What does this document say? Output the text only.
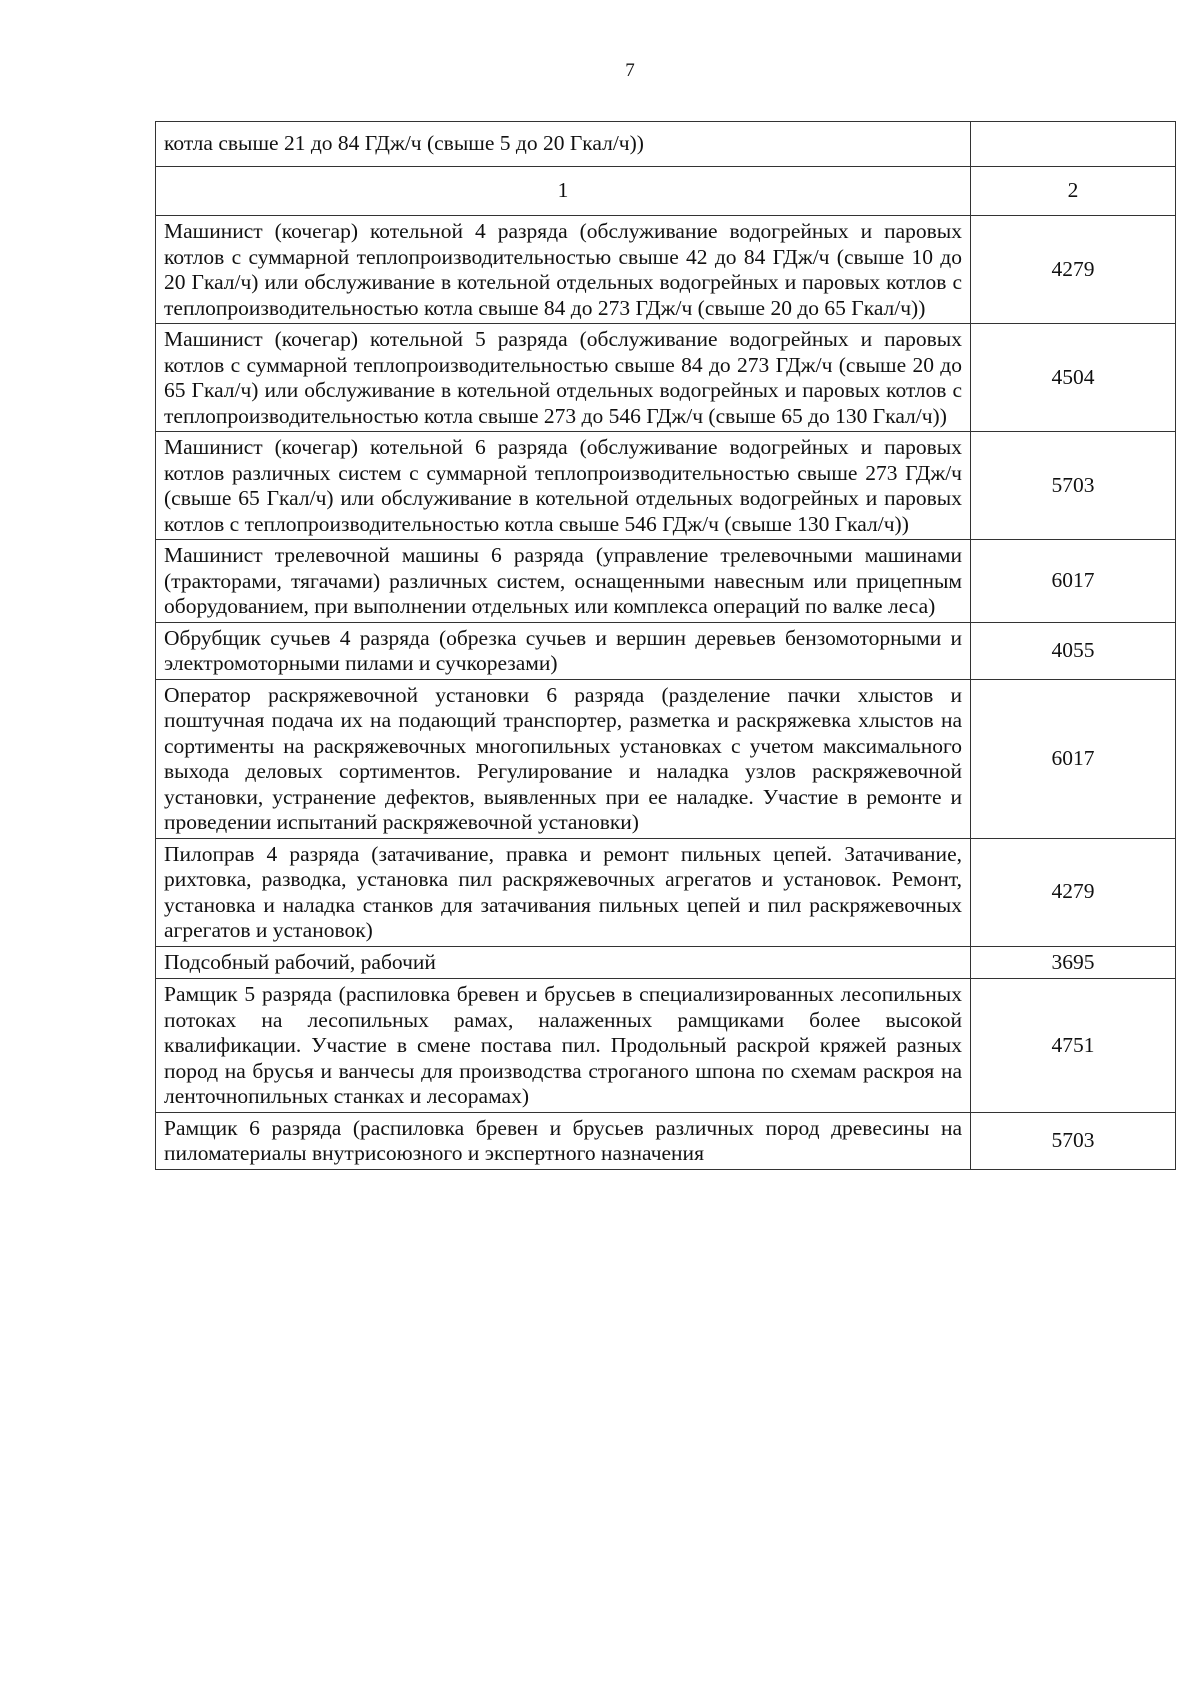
7
котла свыше 21 до 84 ГДж/ч (свыше 5 до 20 Гкал/ч))	
1	2
Машинист (кочегар) котельной 4 разряда (обслуживание водогрейных и паровых котлов с суммарной теплопроизводительностью свыше 42 до 84 ГДж/ч (свыше 10 до 20 Гкал/ч) или обслуживание в котельной отдельных водогрейных и паровых котлов с теплопроизводительностью котла свыше 84 до 273 ГДж/ч (свыше 20 до 65 Гкал/ч))	4279
Машинист (кочегар) котельной 5 разряда (обслуживание водогрейных и паровых котлов с суммарной теплопроизводительностью свыше 84 до 273 ГДж/ч (свыше 20 до 65 Гкал/ч) или обслуживание в котельной отдельных водогрейных и паровых котлов с теплопроизводительностью котла свыше 273 до 546 ГДж/ч (свыше 65 до 130 Гкал/ч))	4504
Машинист (кочегар) котельной 6 разряда (обслуживание водогрейных и паровых котлов различных систем с суммарной теплопроизводительностью свыше 273 ГДж/ч (свыше 65 Гкал/ч) или обслуживание в котельной отдельных водогрейных и паровых котлов с теплопроизводительностью котла свыше 546 ГДж/ч (свыше 130 Гкал/ч))	5703
Машинист трелевочной машины 6 разряда (управление трелевочными машинами (тракторами, тягачами) различных систем, оснащенными навесным или прицепным оборудованием, при выполнении отдельных или комплекса операций по валке леса)	6017
Обрубщик сучьев 4 разряда (обрезка сучьев и вершин деревьев бензомоторными и электромоторными пилами и сучкорезами)	4055
Оператор раскряжевочной установки 6 разряда (разделение пачки хлыстов и поштучная подача их на подающий транспортер, разметка и раскряжевка хлыстов на сортименты на раскряжевочных многопильных установках с учетом максимального выхода деловых сортиментов. Регулирование и наладка узлов раскряжевочной установки, устранение дефектов, выявленных при ее наладке. Участие в ремонте и проведении испытаний раскряжевочной установки)	6017
Пилоправ 4 разряда (затачивание, правка и ремонт пильных цепей. Затачивание, рихтовка, разводка, установка пил раскряжевочных агрегатов и установок. Ремонт, установка и наладка станков для затачивания пильных цепей и пил раскряжевочных агрегатов и установок)	4279
Подсобный рабочий, рабочий	3695
Рамщик 5 разряда (распиловка бревен и брусьев в специализированных лесопильных потоках на лесопильных рамах, налаженных рамщиками более высокой квалификации. Участие в смене постава пил. Продольный раскрой кряжей разных пород на брусья и ванчесы для производства строганого шпона по схемам раскроя на ленточнопильных станках и лесорамах)	4751
Рамщик 6 разряда (распиловка бревен и брусьев различных пород древесины на пиломатериалы внутрисоюзного и экспертного назначения	5703
